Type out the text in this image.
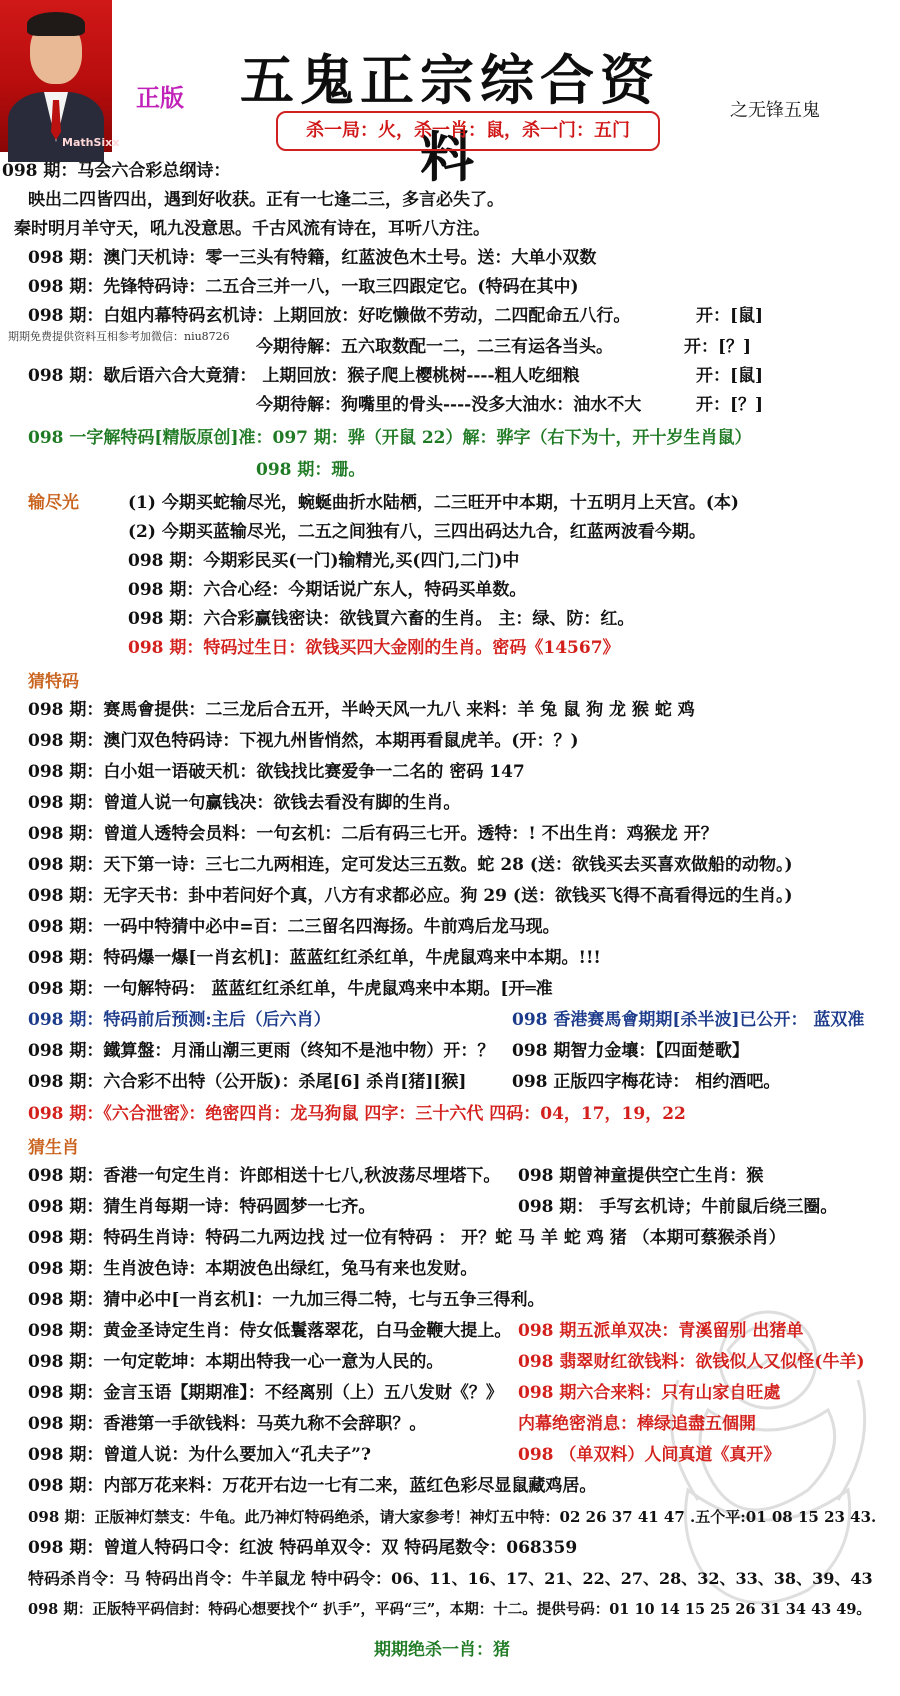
MathSixx
正版	五鬼正宗综合资料
之无锋五鬼
杀一局：火，杀一肖：鼠，杀一门：五门
098 期：马会六合彩总纲诗：
映出二四皆四出，遇到好收获。正有一七逢二三，多言必失了。
秦时明月羊守天，吼九没意思。千古风流有诗在，耳听八方注。
098 期：澳门天机诗：零一三头有特籍，红蓝波色木土号。送：大单小双数
098 期：先锋特码诗：二五合三并一八，一取三四跟定它。(特码在其中)
098 期：白姐内幕特码玄机诗：上期回放：好吃懒做不劳动，二四配命五八行。	开：[鼠]
期期免费提供资料互相参考加微信：niu8726
今期待解：五六取数配一二，二三有运各当头。	开：[？]
098 期：歇后语六合大竟猜： 上期回放：猴子爬上樱桃树----粗人吃细粮	开：[鼠]
今期待解：狗嘴里的骨头----没多大油水：油水不大	开：[？]
098 一字解特码[精版原创]准：097 期：骅（开鼠 22）解：骅字（右下为十，开十岁生肖鼠）
098 期：珊。
输尽光	(1) 今期买蛇输尽光，蜿蜒曲折水陆栖，二三旺开中本期，十五明月上天宫。(本)
(2) 今期买蓝输尽光，二五之间独有八，三四出码达九合，红蓝两波看今期。
098 期：今期彩民买(一门)输精光,买(四门,二门)中
098 期：六合心经：今期话说广东人，特码买单数。
098 期：六合彩赢钱密诀：欲钱買六畜的生肖。 主：绿、防：红。
098 期：特码过生日：欲钱买四大金刚的生肖。密码《14567》
猜特码
098 期：赛馬會提供：二三龙后合五开，半岭天风一九八 来料：羊 兔 鼠 狗 龙 猴 蛇 鸡
098 期：澳门双色特码诗：下视九州皆悄然，本期再看鼠虎羊。(开：？)
098 期：白小姐一语破天机：欲钱找比赛爱争一二名的 密码 147
098 期：曾道人说一句赢钱决：欲钱去看没有脚的生肖。
098 期：曾道人透特会员料：一句玄机：二后有码三七开。透特：! 不出生肖：鸡猴龙 开？
098 期：天下第一诗：三七二九两相连，定可发达三五数。蛇 28 (送：欲钱买去买喜欢做船的动物。)
098 期：无字天书：卦中若问好个真，八方有求都必应。狗 29 (送：欲钱买飞得不高看得远的生肖。)
098 期：一码中特猜中必中=百：二三留名四海扬。牛前鸡后龙马现。
098 期：特码爆一爆[一肖玄机]：蓝蓝红红杀红单，牛虎鼠鸡来中本期。!!!
098 期：一句解特码： 蓝蓝红红杀红单，牛虎鼠鸡来中本期。[开═准
098 期：特码前后预测:主后（后六肖）	098 香港赛馬會期期[杀半波]已公开： 蓝双准
098 期：鐵算盤：月涌山潮三更雨（终知不是池中物）开：？ 098 期智力金壤：【四面楚歌】
098 期：六合彩不出特（公开版)：杀尾[6] 杀肖[猪][猴]	098 正版四字梅花诗： 相约酒吧。
098 期：《六合泄密》：绝密四肖：龙马狗鼠 四字：三十六代 四码：04，17，19，22
猜生肖
098 期：香港一句定生肖：许郎相送十七八,秋波荡尽埋塔下。 098 期曾神童提供空亡生肖：猴
098 期：猜生肖每期一诗：特码圆梦一七齐。	098 期： 手写玄机诗；牛前鼠后绕三圈。
098 期：特码生肖诗：特码二九两边找 过一位有特码 ： 开？蛇 马 羊 蛇 鸡 猪 （本期可蔡猴杀肖）
098 期：生肖波色诗：本期波色出绿红，兔马有来也发财。
098 期：猜中必中[一肖玄机]：一九加三得二特，七与五争三得利。
098 期：黄金圣诗定生肖：侍女低鬟落翠花，白马金鞭大提上。 098 期五派单双决：青溪留别 出猪单
098 期：一句定乾坤：本期出特我一心一意为人民的。	098 翡翠财红欲钱料：欲钱似人又似怪(牛羊)
098 期：金言玉语【期期准】：不经离别（上）五八发财《？》 098 期六合来料：只有山家自旺處
098 期：香港第一手欲钱料：马英九称不会辞职？。	内幕绝密消息：棒绿追盡五個開
098 期：曾道人说：为什么要加入“孔夫子”?	098 （单双料）人间真道《真开》
098 期：内部万花来料：万花开右边一七有二来，蓝红色彩尽显鼠藏鸡居。
098 期：正版神灯禁支：牛龟。此乃神灯特码绝杀，请大家参考！神灯五中特：02 26 37 41 47 .五个平:01 08 15 23 43.
098 期：曾道人特码口令：红波 特码单双令：双 特码尾数令：068359
特码杀肖令：马 特码出肖令：牛羊鼠龙 特中码令：06、11、16、17、21、22、27、28、32、33、38、39、43
098 期：正版特平码信封：特码心想要找个“ 扒手”，平码“三”，本期：十二。提供号码：01 10 14 15 25 26 31 34 43 49。
期期绝杀一肖：猪
